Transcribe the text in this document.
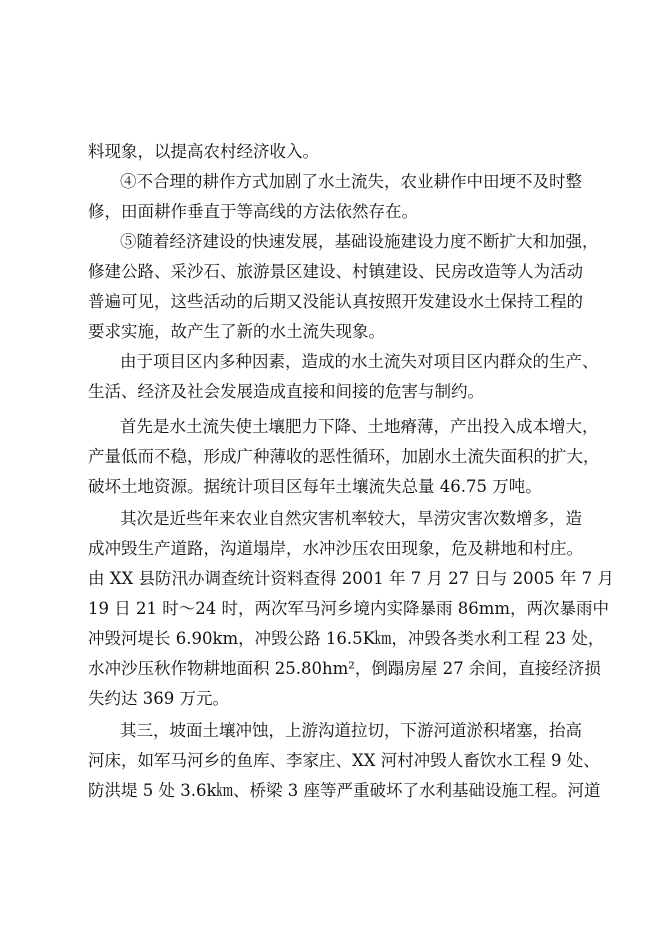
料现象，以提高农村经济收入。
④不合理的耕作方式加剧了水土流失，农业耕作中田埂不及时整
修，田面耕作垂直于等高线的方法依然存在。
⑤随着经济建设的快速发展，基础设施建设力度不断扩大和加强，
修建公路、采沙石、旅游景区建设、村镇建设、民房改造等人为活动
普遍可见，这些活动的后期又没能认真按照开发建设水土保持工程的
要求实施，故产生了新的水土流失现象。
由于项目区内多种因素，造成的水土流失对项目区内群众的生产、
生活、经济及社会发展造成直接和间接的危害与制约。
首先是水土流失使土壤肥力下降、土地瘠薄，产出投入成本增大，
产量低而不稳，形成广种薄收的恶性循环，加剧水土流失面积的扩大，
破坏土地资源。据统计项目区每年土壤流失总量 46.75 万吨。
其次是近些年来农业自然灾害机率较大，旱涝灾害次数增多，造
成冲毁生产道路，沟道塌岸，水冲沙压农田现象，危及耕地和村庄。
由 XX 县防汛办调查统计资料查得 2001 年 7 月 27 日与 2005 年 7 月
19 日 21 时～24 时，两次军马河乡境内实降暴雨 86mm，两次暴雨中
冲毁河堤长 6.90km，冲毁公路 16.5K㎞，冲毁各类水利工程 23 处，
水冲沙压秋作物耕地面积 25.80hm²，倒蹋房屋 27 余间，直接经济损
失约达 369 万元。
其三，坡面土壤冲蚀，上游沟道拉切，下游河道淤积堵塞，抬高
河床，如军马河乡的鱼库、李家庄、XX 河村冲毁人畜饮水工程 9 处、
防洪堤 5 处 3.6k㎞、桥梁 3 座等严重破坏了水利基础设施工程。河道
